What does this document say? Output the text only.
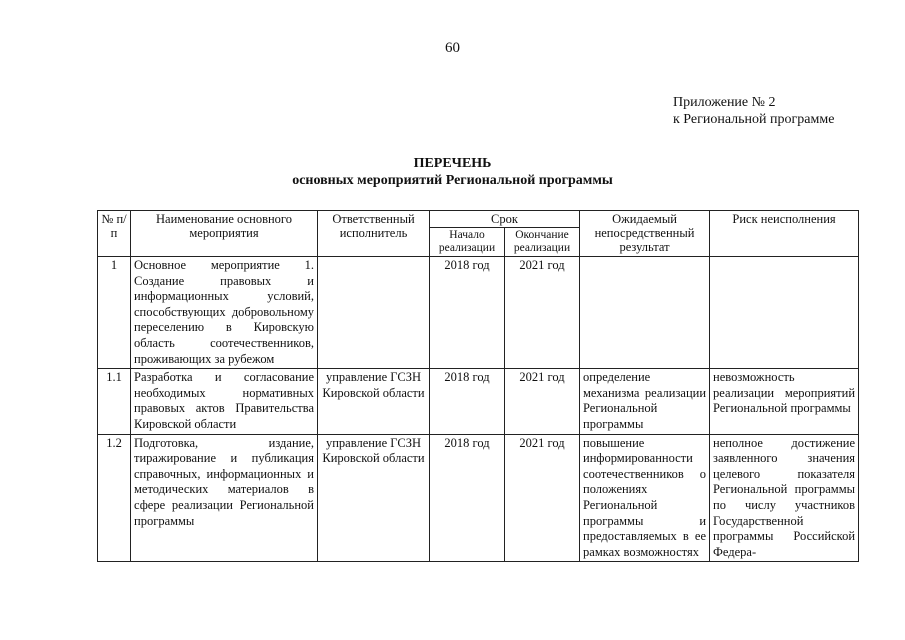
60
Приложение № 2
к Региональной программе
ПЕРЕЧЕНЬ
основных мероприятий Региональной программы
№ п/п	Наименование основного мероприятия	Ответственный исполнитель	Срок		Ожидаемый непосредственный результат	Риск неисполнения
			Начало реализации	Окончание реализации		
1	Основное мероприятие 1. Создание правовых и информационных условий, способствующих добровольному переселению в Кировскую область соотечественников, проживающих за рубежом		2018 год	2021 год		
1.1	Разработка и согласование необходимых нормативных правовых актов Правительства Кировской области	управление ГСЗН Кировской области	2018 год	2021 год	определение механизма реализации Региональной программы	невозможность реализации мероприятий Региональной программы
1.2	Подготовка, издание, тиражирование и публикация справочных, информационных и методических материалов в сфере реализации Региональной программы	управление ГСЗН Кировской области	2018 год	2021 год	повышение информированности соотечественников о положениях Региональной программы и предоставляемых в ее рамках возможностях	неполное достижение заявленного значения целевого показателя Региональной программы по числу участников Государственной программы Российской Федера-
